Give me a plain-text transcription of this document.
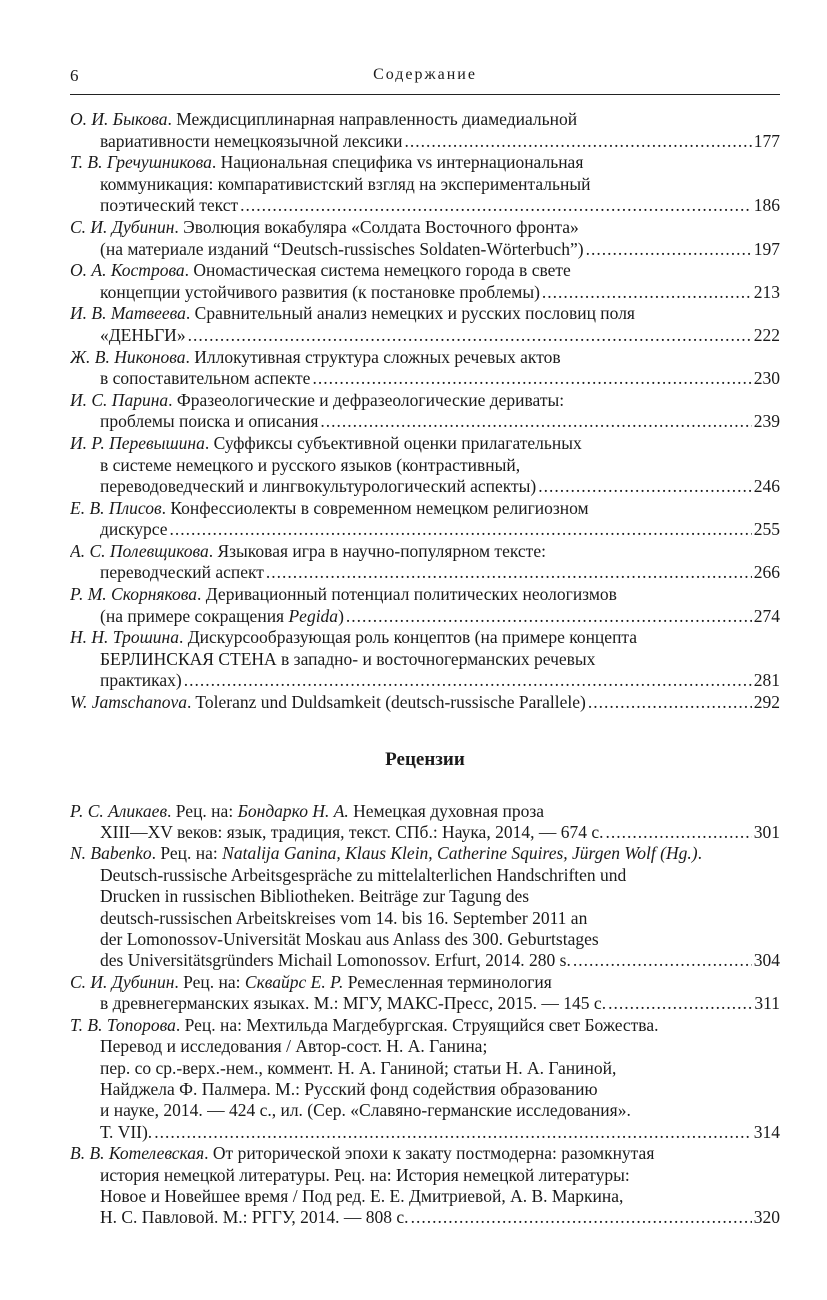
6	Содержание
О. И. Быкова. Междисциплинарная направленность диамедиальной
вариативности немецкоязычной лексики .....	177
Т. В. Гречушникова. Национальная специфика vs интернациональная
коммуникация: компаративистский взгляд на экспериментальный
поэтический текст .....	186
С. И. Дубинин. Эволюция вокабуляра «Солдата Восточного фронта»
(на материале изданий “Deutsch-russisches Soldaten-Wörterbuch”) .....	197
О. А. Кострова. Ономастическая система немецкого города в свете
концепции устойчивого развития (к постановке проблемы) .....	213
И. В. Матвеева. Сравнительный анализ немецких и русских пословиц поля
«ДЕНЬГИ» .....	222
Ж. В. Никонова. Иллокутивная структура сложных речевых актов
в сопоставительном аспекте .....	230
И. С. Парина. Фразеологические и дефразеологические дериваты:
проблемы поиска и описания .....	239
И. Р. Перевышина. Суффиксы субъективной оценки прилагательных
в системе немецкого и русского языков (контрастивный,
переводоведческий и лингвокультурологический аспекты) .....	246
Е. В. Плисов. Конфессиолекты в современном немецком религиозном
дискурсе .....	255
А. С. Полевщикова. Языковая игра в научно-популярном тексте:
переводческий аспект .....	266
Р. М. Скорнякова. Деривационный потенциал политических неологизмов
(на примере сокращения Pegida) .....	274
Н. Н. Трошина. Дискурсообразующая роль концептов (на примере концепта
БЕРЛИНСКАЯ СТЕНА в западно- и восточногерманских речевых
практиках) .....	281
W. Jamschanova. Toleranz und Duldsamkeit (deutsch-russische Parallele) .....	292
Рецензии
Р. С. Аликаев. Рец. на: Бондарко Н. А. Немецкая духовная проза
XIII—XV веков: язык, традиция, текст. СПб.: Наука, 2014, — 674 с. .....	301
N. Babenko. Рец. на: Natalija Ganina, Klaus Klein, Catherine Squires, Jürgen Wolf (Hg.).
Deutsch-russische Arbeitsgespräche zu mittelalterlichen Handschriften und
Drucken in russischen Bibliotheken. Beiträge zur Tagung des
deutsch-russischen Arbeitskreises vom 14. bis 16. September 2011 an
der Lomonossov-Universität Moskau aus Anlass des 300. Geburtstages
des Universitätsgründers Michail Lomonossov. Erfurt, 2014. 280 s. .....	304
С. И. Дубинин. Рец. на: Сквайрс Е. Р. Ремесленная терминология
в древнегерманских языках. М.: МГУ, МАКС-Пресс, 2015. — 145 с. .....	311
Т. В. Топорова. Рец. на: Мехтильда Магдебургская. Струящийся свет Божества.
Перевод и исследования / Автор-сост. Н. А. Ганина;
пер. со ср.-верх.-нем., коммент. Н. А. Ганиной; статьи Н. А. Ганиной,
Найджела Ф. Палмера. М.: Русский фонд содействия образованию
и науке, 2014. — 424 с., ил. (Сер. «Славяно-германские исследования».
Т. VII). .....	314
В. В. Котелевская. От риторической эпохи к закату постмодерна: разомкнутая
история немецкой литературы. Рец. на: История немецкой литературы:
Новое и Новейшее время / Под ред. Е. Е. Дмитриевой, А. В. Маркина,
Н. С. Павловой. М.: РГГУ, 2014. — 808 с. .....	320
